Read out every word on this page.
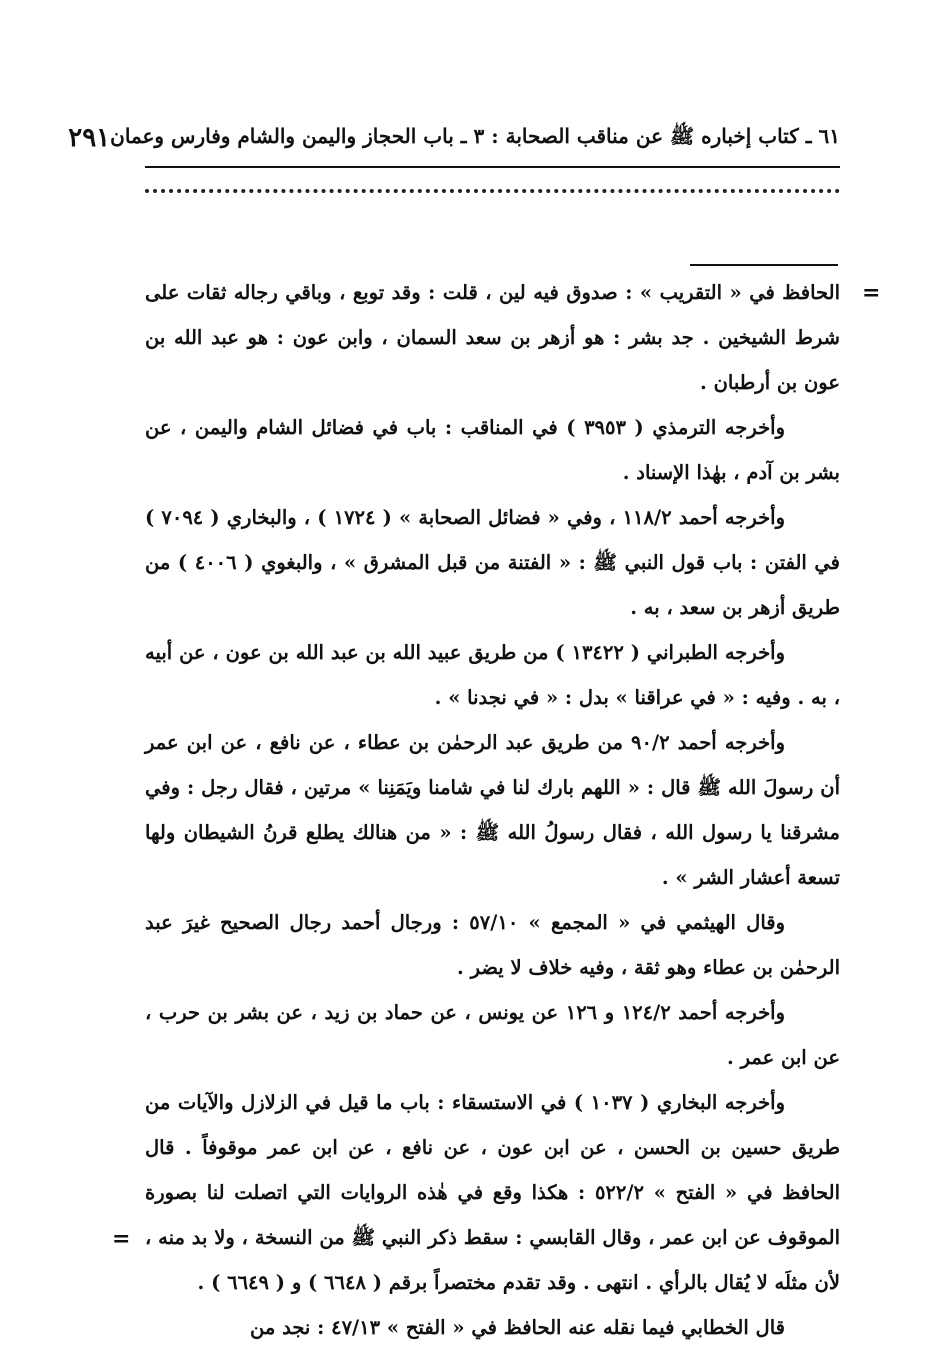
٦١ ـ كتاب إخباره ﷺ عن مناقب الصحابة : ٣ ـ باب الحجاز واليمن والشام وفارس وعمان
٢٩١
=

الحافظ في « التقريب » : صدوق فيه لين ، قلت : وقد توبع ، وباقي رجاله ثقات على شرط الشيخين . جد بشر : هو أزهر بن سعد السمان ، وابن عون : هو عبد الله بن عون بن أرطبان .

وأخرجه الترمذي ( ٣٩٥٣ ) في المناقب : باب في فضائل الشام واليمن ، عن بشر بن آدم ، بهٰذا الإسناد .

وأخرجه أحمد ١١٨/٢ ، وفي « فضائل الصحابة » ( ١٧٢٤ ) ، والبخاري ( ٧٠٩٤ ) في الفتن : باب قول النبي ﷺ : « الفتنة من قبل المشرق » ، والبغوي ( ٤٠٠٦ ) من طريق أزهر بن سعد ، به .

وأخرجه الطبراني ( ١٣٤٢٢ ) من طريق عبيد الله بن عبد الله بن عون ، عن أبيه ، به . وفيه : « في عراقنا » بدل : « في نجدنا » .

وأخرجه أحمد ٩٠/٢ من طريق عبد الرحمٰن بن عطاء ، عن نافع ، عن ابن عمر أن رسولَ الله ﷺ قال : « اللهم بارك لنا في شامنا ويَمَنِنا » مرتين ، فقال رجل : وفي مشرقنا يا رسول الله ، فقال رسولُ الله ﷺ : « من هنالك يطلع قرنُ الشيطان ولها تسعة أعشار الشر » .

وقال الهيثمي في « المجمع » ٥٧/١٠ : ورجال أحمد رجال الصحيح غيرَ عبد الرحمٰن بن عطاء وهو ثقة ، وفيه خلاف لا يضر .

وأخرجه أحمد ١٢٤/٢ و ١٢٦ عن يونس ، عن حماد بن زيد ، عن بشر بن حرب ، عن ابن عمر .

وأخرجه البخاري ( ١٠٣٧ ) في الاستسقاء : باب ما قيل في الزلازل والآيات من طريق حسين بن الحسن ، عن ابن عون ، عن نافع ، عن ابن عمر موقوفاً . قال الحافظ في « الفتح » ٥٢٢/٢ : هكذا وقع في هٰذه الروايات التي اتصلت لنا بصورة الموقوف عن ابن عمر ، وقال القابسي : سقط ذكر النبي ﷺ من النسخة ، ولا بد منه ، لأن مثلَه لا يُقال بالرأي . انتهى . وقد تقدم مختصراً برقم ( ٦٦٤٨ ) و ( ٦٦٤٩ ) .

قال الخطابي فيما نقله عنه الحافظ في « الفتح » ٤٧/١٣ : نجد من

=
